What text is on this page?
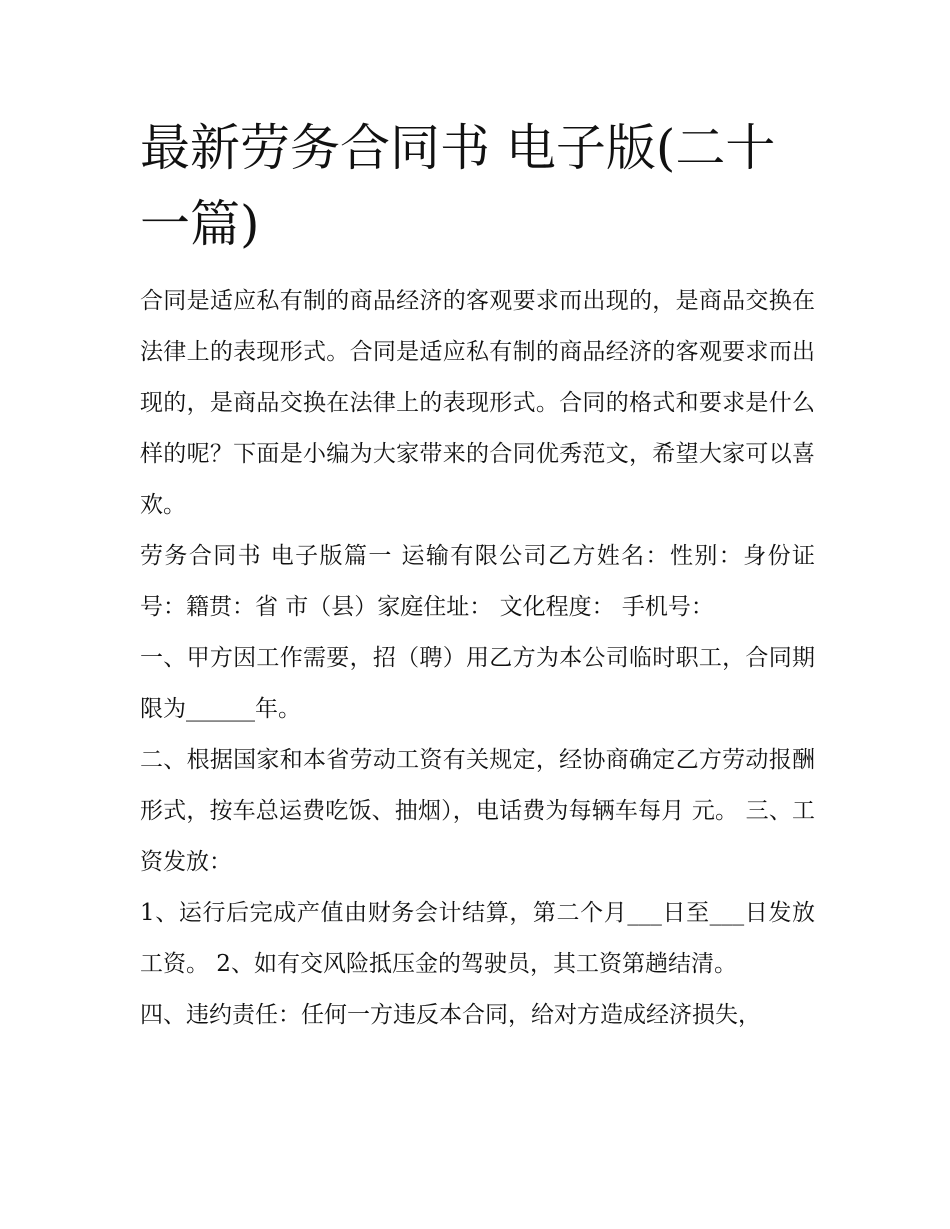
最新劳务合同书 电子版(二十一篇)

合同是适应私有制的商品经济的客观要求而出现的，是商品交换在法律上的表现形式。合同是适应私有制的商品经济的客观要求而出现的，是商品交换在法律上的表现形式。合同的格式和要求是什么样的呢？下面是小编为大家带来的合同优秀范文，希望大家可以喜欢。

劳务合同书 电子版篇一 运输有限公司乙方姓名：性别：身份证号：籍贯：省 市（县）家庭住址： 文化程度： 手机号：

一、甲方因工作需要，招（聘）用乙方为本公司临时职工，合同期限为______年。

二、根据国家和本省劳动工资有关规定，经协商确定乙方劳动报酬形式，按车总运费吃饭、抽烟），电话费为每辆车每月 元。 三、工资发放：

1、运行后完成产值由财务会计结算，第二个月___日至___日发放工资。 2、如有交风险抵压金的驾驶员，其工资第趟结清。

四、违约责任：任何一方违反本合同，给对方造成经济损失，
